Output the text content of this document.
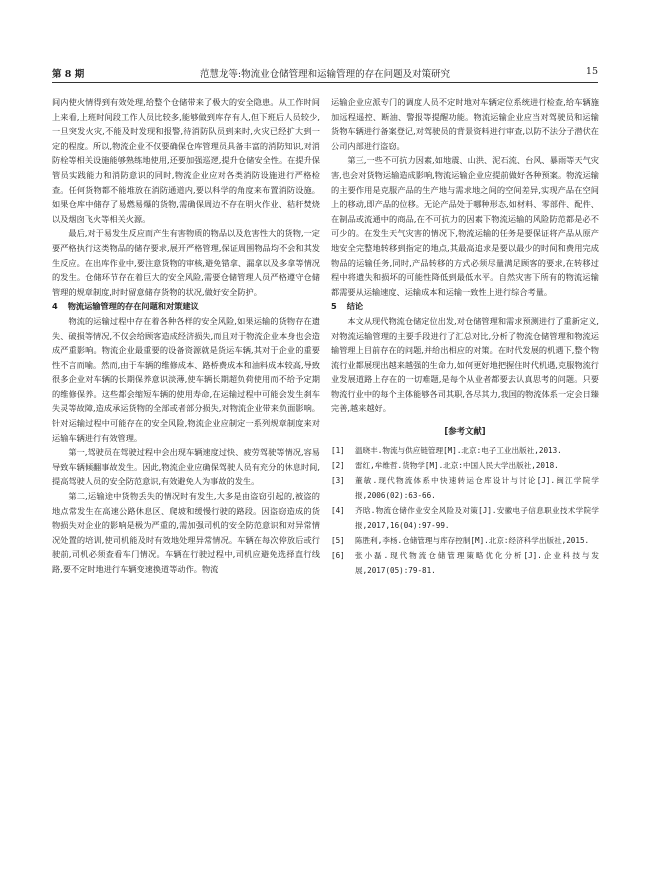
第 8 期	范慧龙等:物流业仓储管理和运输管理的存在问题及对策研究	15

间内使火情得到有效处理,给整个仓储带来了极大的安全隐患。从工作时间上来看,上班时间段工作人员比较多,能够做到库存有人,但下班后人员较少,一旦突发火灾,不能及时发现和报警,待消防队员到来时,火灾已经扩大到一定的程度。所以,物流企业不仅要确保仓库管理员具备丰富的消防知识,对消防栓等相关设施能够熟练地使用,还要加强巡逻,提升仓储安全性。在提升保管员实践能力和消防意识的同时,物流企业应对各类消防设施进行严格检查。任何货物都不能堆放在消防通道内,要以科学的角度来布置消防设施。如果仓库中储存了易燃易爆的货物,需确保周边不存在明火作业、秸秆焚烧以及烟囱飞火等相关火源。

最后,对于易发生反应而产生有害物质的物品以及危害性大的货物,一定要严格执行这类物品的储存要求,展开严格管理,保证周围物品均不会和其发生反应。在出库作业中,要注意货物的审核,避免错拿、漏拿以及多拿等情况的发生。仓储环节存在着巨大的安全风险,需要仓储管理人员严格遵守仓储管理的规章制度,时时留意储存货物的状况,做好安全防护。

4 物流运输管理的存在问题和对策建议

物流的运输过程中存在着各种各样的安全风险,如果运输的货物存在遗失、破损等情况,不仅会给顾客造成经济损失,而且对于物流企业本身也会造成严重影响。物流企业最重要的设备资源就是货运车辆,其对于企业的重要性不言而喻。然而,由于车辆的维修成本、路桥费成本和油料成本较高,导致很多企业对车辆的长期保养意识淡薄,使车辆长期超负荷使用而不给予定期的维修保养。这些都会缩短车辆的使用寿命,在运输过程中可能会发生刹车失灵等故障,造成承运货物的全部或者部分损失,对物流企业带来负面影响。针对运输过程中可能存在的安全风险,物流企业应制定一系列规章制度来对运输车辆进行有效管理。

第一,驾驶员在驾驶过程中会出现车辆速度过快、疲劳驾驶等情况,容易导致车辆倾翻事故发生。因此,物流企业应确保驾驶人员有充分的休息时间,提高驾驶人员的安全防范意识,有效避免人为事故的发生。

第二,运输途中货物丢失的情况时有发生,大多是由盗窃引起的,被盗的地点常发生在高速公路休息区、爬坡和缓慢行驶的路段。因盗窃造成的货物损失对企业的影响是极为严重的,需加强司机的安全防范意识和对异常情况处置的培训,使司机能及时有效地处理异常情况。车辆在每次停放后或行驶前,司机必须查看车门情况。车辆在行驶过程中,司机应避免选择直行线路,要不定时地进行车辆变速换道等动作。物流

运输企业应派专门的调度人员不定时地对车辆定位系统进行检查,给车辆施加远程遥控、断油、警报等提醒功能。物流运输企业应当对驾驶员和运输货物车辆进行备案登记,对驾驶员的背景资料进行审查,以防不法分子潜伏在公司内部进行盗窃。

第三,一些不可抗力因素,如地震、山洪、泥石流、台风、暴雨等天气灾害,也会对货物运输造成影响,物流运输企业应提前做好各种预案。物流运输的主要作用是克服产品的生产地与需求地之间的空间差异,实现产品在空间上的移动,即产品的位移。无论产品处于哪种形态,如材料、零部件、配件、在制品或流通中的商品,在不可抗力的因素下物流运输的风险防范都是必不可少的。在发生天气灾害的情况下,物流运输的任务是要保证将产品从原产地安全完整地转移到指定的地点,其最高追求是要以最少的时间和费用完成物品的运输任务,同时,产品转移的方式必须尽量满足顾客的要求,在转移过程中将遗失和损坏的可能性降低到最低水平。自然灾害下所有的物流运输都需要从运输速度、运输成本和运输一致性上进行综合考量。

5 结论

本文从现代物流仓储定位出发,对仓储管理和需求预测进行了重新定义,对物流运输管理的主要手段进行了汇总对比,分析了物流仓储管理和物流运输管理上目前存在的问题,并给出相应的对策。在时代发展的机遇下,整个物流行业都展现出越来越强的生命力,如何更好地把握住时代机遇,克服物流行业发展道路上存在的一切难题,是每个从业者都要去认真思考的问题。只要物流行业中的每个主体能够各司其职,各尽其力,我国的物流体系一定会日臻完善,越来越好。

[参考文献]
[1]	温晓丰.物流与供应链管理[M].北京:电子工业出版社,2013.
[2]	雷红,牟维哲.货物学[M].北京:中国人民大学出版社,2018.
[3]	董敏.现代物流体系中快速转运仓库设计与讨论[J].闽江学院学报,2006(02):63-66.
[4]	齐晗.物流仓储作业安全风险及对策[J].安徽电子信息职业技术学院学报,2017,16(04):97-99.
[5]	陈胜利,李杨.仓储管理与库存控制[M].北京:经济科学出版社,2015.
[6]	张小磊.现代物流仓储管理策略优化分析[J].企业科技与发展,2017(05):79-81.
